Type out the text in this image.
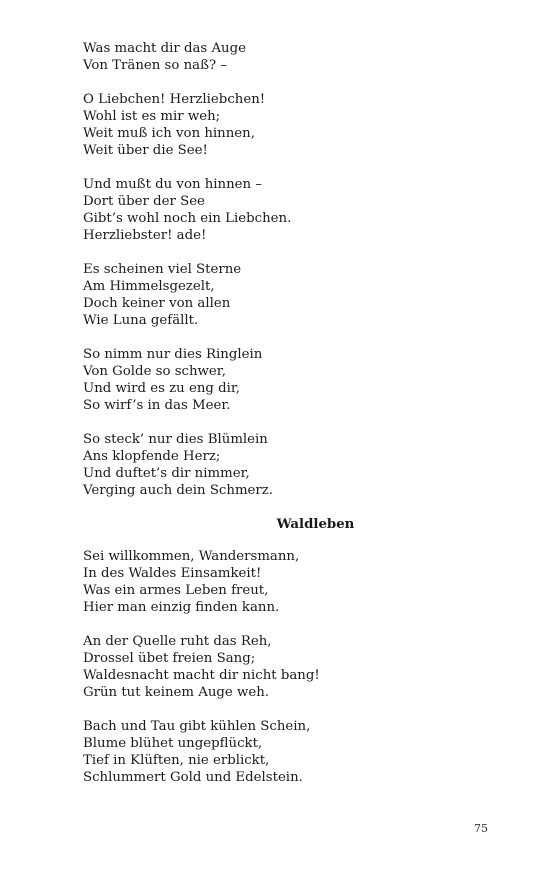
Was macht dir das Auge
Von Tränen so naß? –
O Liebchen! Herzliebchen!
Wohl ist es mir weh;
Weit muß ich von hinnen,
Weit über die See!
Und mußt du von hinnen –
Dort über der See
Gibt’s wohl noch ein Liebchen.
Herzliebster! ade!
Es scheinen viel Sterne
Am Himmelsgezelt,
Doch keiner von allen
Wie Luna gefällt.
So nimm nur dies Ringlein
Von Golde so schwer,
Und wird es zu eng dir,
So wirf’s in das Meer.
So steck’ nur dies Blümlein
Ans klopfende Herz;
Und duftet’s dir nimmer,
Verging auch dein Schmerz.
Waldleben
Sei willkommen, Wandersmann,
In des Waldes Einsamkeit!
Was ein armes Leben freut,
Hier man einzig finden kann.
An der Quelle ruht das Reh,
Drossel übet freien Sang;
Waldesnacht macht dir nicht bang!
Grün tut keinem Auge weh.
Bach und Tau gibt kühlen Schein,
Blume blühet ungepflückt,
Tief in Klüften, nie erblickt,
Schlummert Gold und Edelstein.
75
